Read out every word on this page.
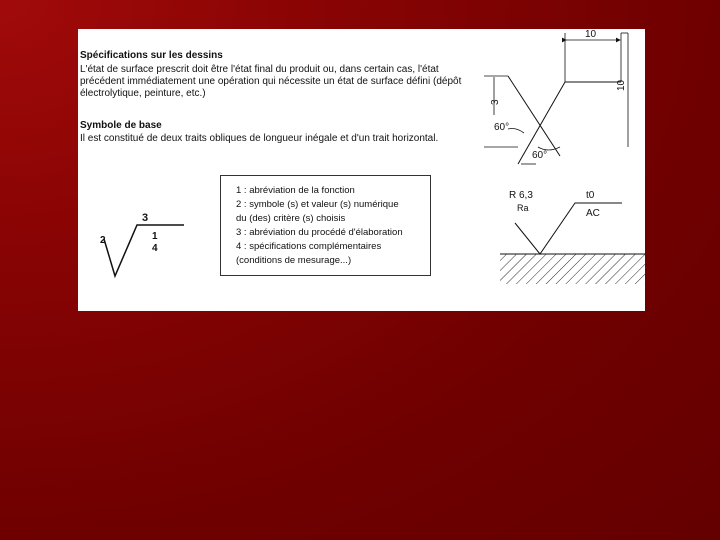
Spécifications sur les dessins
L'état de surface prescrit doit être l'état final du produit ou, dans certain cas, l'état
précédent immédiatement une opération qui nécessite un état de surface défini (dépôt
électrolytique, peinture, etc.)
Symbole de base
Il est constitué de deux traits obliques de longueur inégale et d'un trait horizontal.
3
2	1
4
1 : abréviation de la fonction
2 : symbole (s) et valeur (s) numérique
du (des) critère (s) choisis
3 : abréviation du procédé d'élaboration
4 : spécifications complémentaires
(conditions de mesurage...)
10
10
3
60°
60°
R 6,3
Ra
t0
AC
